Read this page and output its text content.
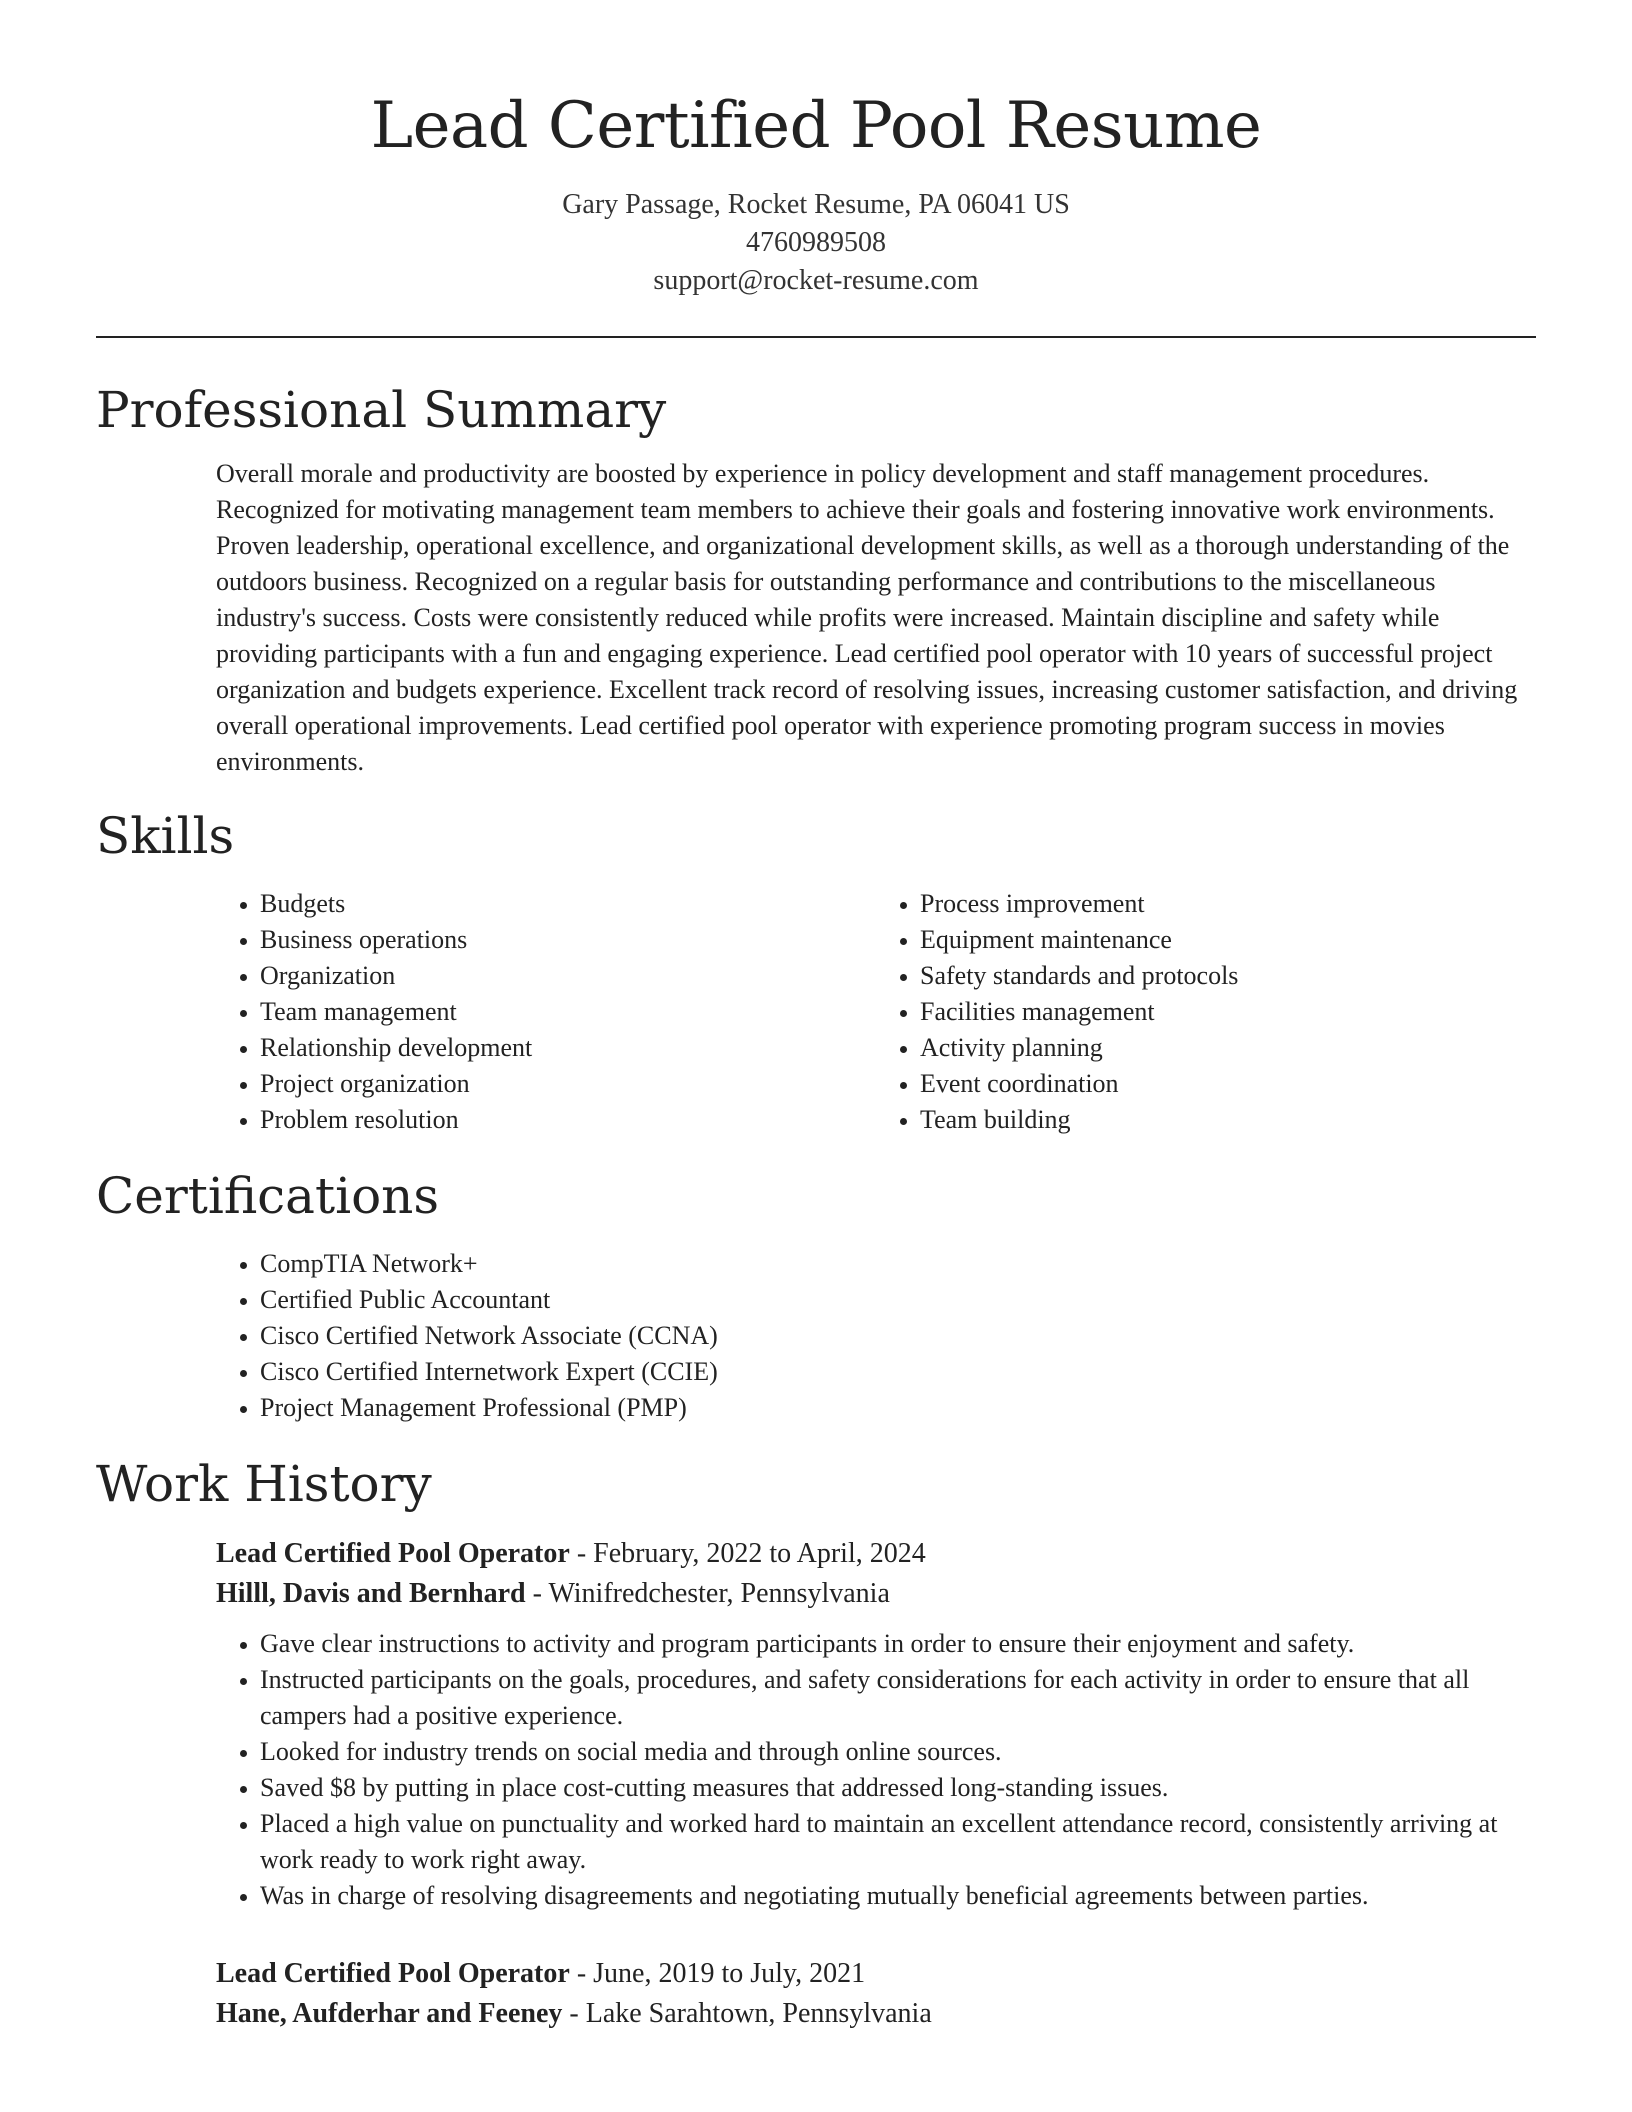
Lead Certified Pool Resume
Gary Passage, Rocket Resume, PA 06041 US
4760989508
support@rocket-resume.com
Professional Summary

Overall morale and productivity are boosted by experience in policy development and staff management procedures. Recognized for motivating management team members to achieve their goals and fostering innovative work environments. Proven leadership, operational excellence, and organizational development skills, as well as a thorough understanding of the outdoors business. Recognized on a regular basis for outstanding performance and contributions to the miscellaneous industry's success. Costs were consistently reduced while profits were increased. Maintain discipline and safety while providing participants with a fun and engaging experience. Lead certified pool operator with 10 years of successful project organization and budgets experience. Excellent track record of resolving issues, increasing customer satisfaction, and driving overall operational improvements. Lead certified pool operator with experience promoting program success in movies environments.

Skills
• Budgets
• Business operations
• Organization
• Team management
• Relationship development
• Project organization
• Problem resolution
• Process improvement
• Equipment maintenance
• Safety standards and protocols
• Facilities management
• Activity planning
• Event coordination
• Team building
Certifications
• CompTIA Network+
• Certified Public Accountant
• Cisco Certified Network Associate (CCNA)
• Cisco Certified Internetwork Expert (CCIE)
• Project Management Professional (PMP)
Work History
Lead Certified Pool Operator - February, 2022 to April, 2024
Hilll, Davis and Bernhard - Winifredchester, Pennsylvania
• Gave clear instructions to activity and program participants in order to ensure their enjoyment and safety.
• Instructed participants on the goals, procedures, and safety considerations for each activity in order to ensure that all campers had a positive experience.
• Looked for industry trends on social media and through online sources.
• Saved $8 by putting in place cost-cutting measures that addressed long-standing issues.
• Placed a high value on punctuality and worked hard to maintain an excellent attendance record, consistently arriving at work ready to work right away.
• Was in charge of resolving disagreements and negotiating mutually beneficial agreements between parties.
Lead Certified Pool Operator - June, 2019 to July, 2021
Hane, Aufderhar and Feeney - Lake Sarahtown, Pennsylvania
